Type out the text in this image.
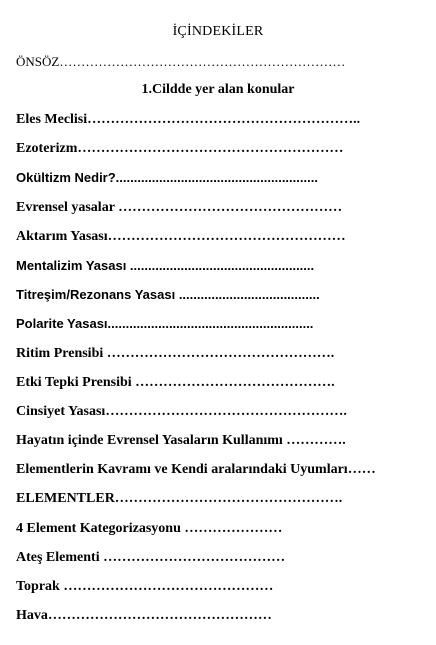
İÇİNDEKİLER
ÖNSÖZ…………………………………………………………
1.Cildde yer alan konular
Eles Meclisi…………………………………………………..
Ezoterizm…………………………………………………
Okültizm Nedir?........................................................
Evrensel yasalar …………………………………………
Aktarım Yasası……………………………………………
Mentalizim Yasası ...................................................
Titreşim/Rezonans Yasası .......................................
Polarite Yasası.........................................................
Ritim Prensibi ………………………………………….
Etki Tepki Prensibi …………………………………….
Cinsiyet Yasası…………………………………………….
Hayatın içinde Evrensel Yasaların Kullanımı ………….
Elementlerin Kavramı ve Kendi aralarındaki Uyumları……
ELEMENTLER………………………………………….
4 Element Kategorizasyonu …………………
Ateş Elementi …………………………………
Toprak ………………………………………
Hava…………………………………………
